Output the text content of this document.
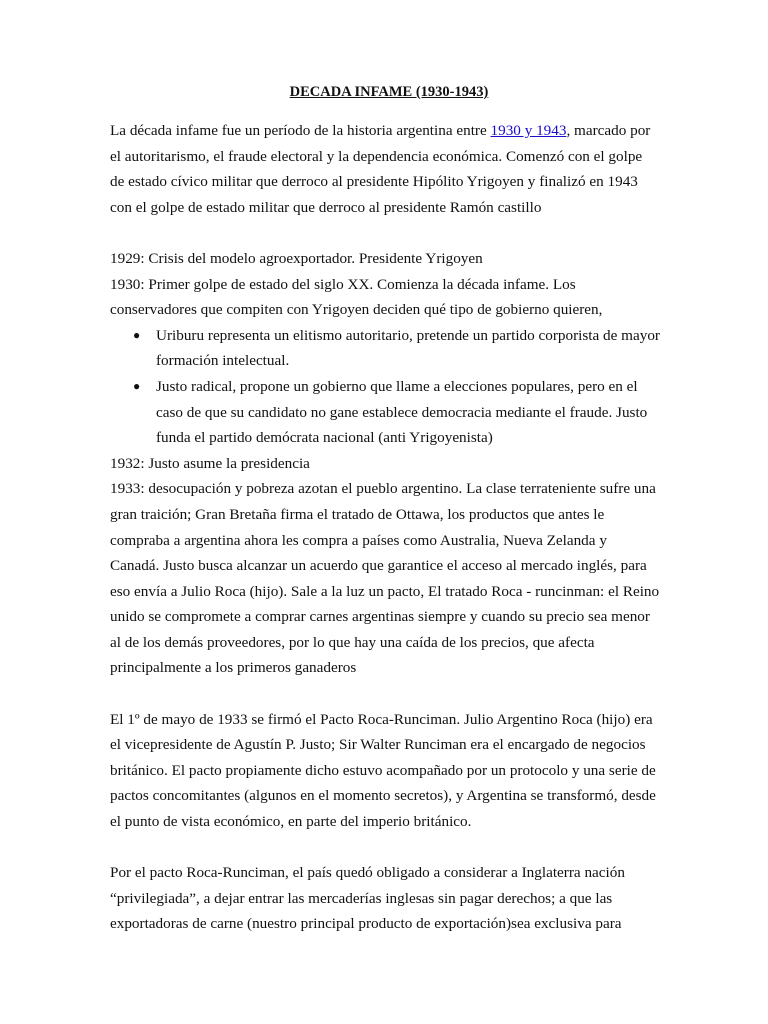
DECADA INFAME (1930-1943)

La década infame fue un período de la historia argentina entre 1930 y 1943, marcado por el autoritarismo, el fraude electoral y la dependencia económica. Comenzó con el golpe de estado cívico militar que derroco al presidente Hipólito Yrigoyen y finalizó en 1943 con el golpe de estado militar que derroco al presidente Ramón castillo

1929: Crisis del modelo agroexportador. Presidente Yrigoyen

1930: Primer golpe de estado del siglo XX. Comienza la década infame. Los conservadores que compiten con Yrigoyen deciden qué tipo de gobierno quieren,

● Uriburu representa un elitismo autoritario, pretende un partido corporista de mayor formación intelectual.
● Justo radical, propone un gobierno que llame a elecciones populares, pero en el caso de que su candidato no gane establece democracia mediante el fraude. Justo funda el partido demócrata nacional (anti Yrigoyenista)

1932: Justo asume la presidencia

1933: desocupación y pobreza azotan el pueblo argentino. La clase terrateniente sufre una gran traición; Gran Bretaña firma el tratado de Ottawa, los productos que antes le compraba a argentina ahora les compra a países como Australia, Nueva Zelanda y Canadá. Justo busca alcanzar un acuerdo que garantice el acceso al mercado inglés, para eso envía a Julio Roca (hijo). Sale a la luz un pacto, El tratado Roca - runcinman: el Reino unido se compromete a comprar carnes argentinas siempre y cuando su precio sea menor al de los demás proveedores, por lo que hay una caída de los precios, que afecta principalmente a los primeros ganaderos

El 1º de mayo de 1933 se firmó el Pacto Roca-Runciman. Julio Argentino Roca (hijo) era el vicepresidente de Agustín P. Justo; Sir Walter Runciman era el encargado de negocios británico. El pacto propiamente dicho estuvo acompañado por un protocolo y una serie de pactos concomitantes (algunos en el momento secretos), y Argentina se transformó, desde el punto de vista económico, en parte del imperio británico.

Por el pacto Roca-Runciman, el país quedó obligado a considerar a Inglaterra nación “privilegiada”, a dejar entrar las mercaderías inglesas sin pagar derechos; a que las exportadoras de carne (nuestro principal producto de exportación)sea exclusiva para
